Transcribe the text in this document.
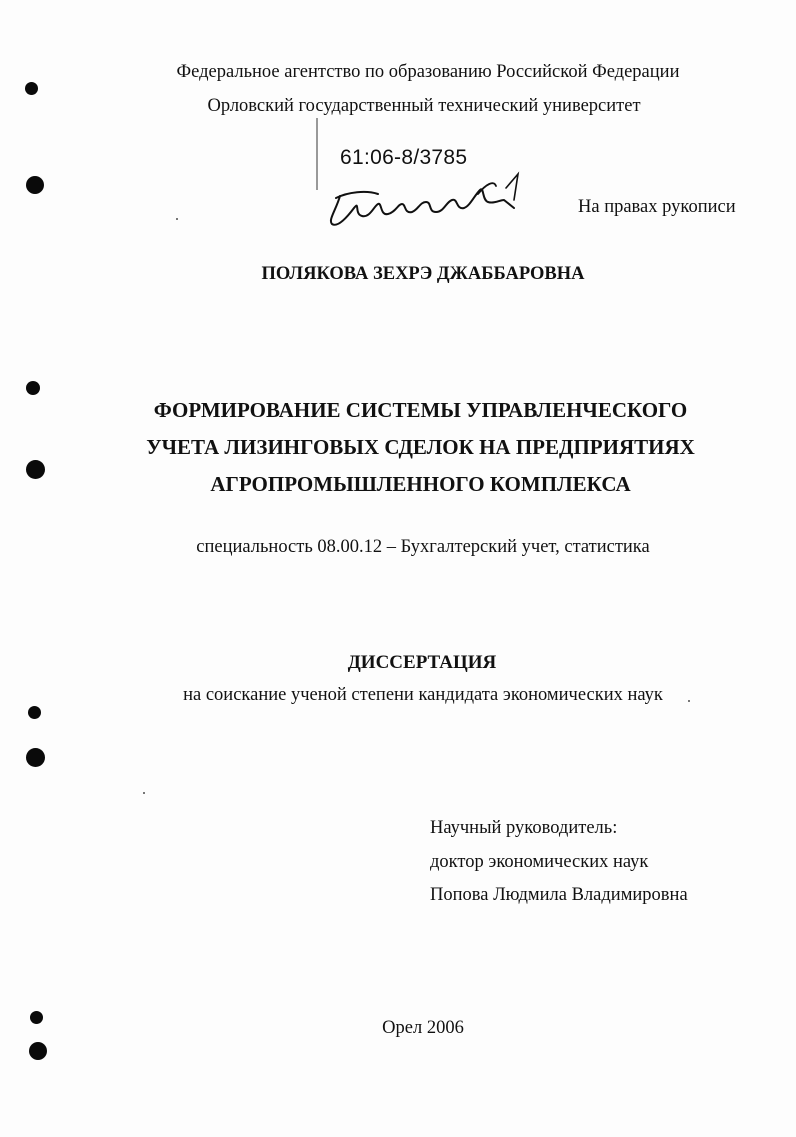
Федеральное агентство по образованию Российской Федерации
Орловский государственный технический университет
61:06-8/3785
На правах рукописи
ПОЛЯКОВА ЗЕХРЭ ДЖАББАРОВНА
ФОРМИРОВАНИЕ СИСТЕМЫ УПРАВЛЕНЧЕСКОГО
УЧЕТА ЛИЗИНГОВЫХ СДЕЛОК НА ПРЕДПРИЯТИЯХ
АГРОПРОМЫШЛЕННОГО КОМПЛЕКСА
специальность 08.00.12 – Бухгалтерский учет, статистика
ДИССЕРТАЦИЯ
на соискание ученой степени кандидата экономических наук
Научный руководитель:
доктор экономических наук
Попова Людмила Владимировна
Орел 2006
